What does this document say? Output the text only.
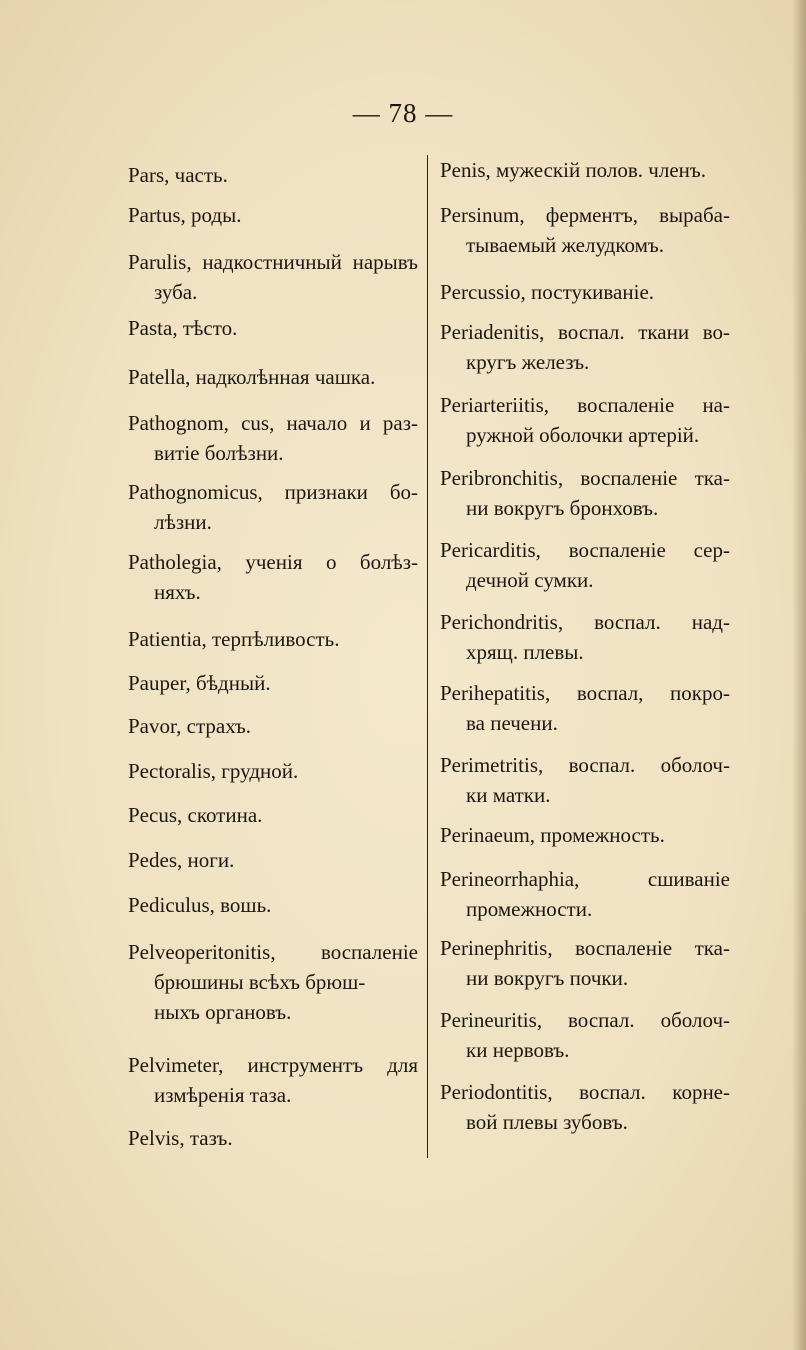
— 78 —
Pars, часть.
Partus, роды.
Parulis, надкостничный нарывъ
зуба.
Pasta, тѣсто.
Patella, надколѣнная чашка.
Pathognom, cus, начало и раз-
витіе болѣзни.
Pathognomicus, признаки бо-
лѣзни.
Patholegia, ученія о болѣз-
няхъ.
Patientia, терпѣливость.
Pauper, бѣдный.
Pavor, страхъ.
Pectoralis, грудной.
Pecus, скотина.
Pedes, ноги.
Pediculus, вошь.
Pelveoperitonitis, воспаленіе
брюшины всѣхъ брюш-
ныхъ органовъ.
Pelvimeter, инструментъ для
измѣренія таза.
Pelvis, тазъ.
Penis, мужескій полов. членъ.
Persinum, ферментъ, выраба-
тываемый желудкомъ.
Percussio, постукиваніе.
Periadenitis, воспал. ткани во-
кругъ железъ.
Periartеriitis, воспаленіе на-
ружной оболочки артерій.
Peribronchitis, воспаленіе тка-
ни вокругъ бронховъ.
Pericarditis, воспаленіе сер-
дечной сумки.
Perichondritis, воспал. над-
хрящ. плевы.
Perihepatitis, воспал, покро-
ва печени.
Perimetritis, воспал. оболоч-
ки матки.
Perinaeum, промежность.
Perineorrhaphia, сшиваніе
промежности.
Perinephritis, воспаленіе тка-
ни вокругъ почки.
Perineuritis, воспал. оболоч-
ки нервовъ.
Periodontitis, воспал. корне-
вой плевы зубовъ.
